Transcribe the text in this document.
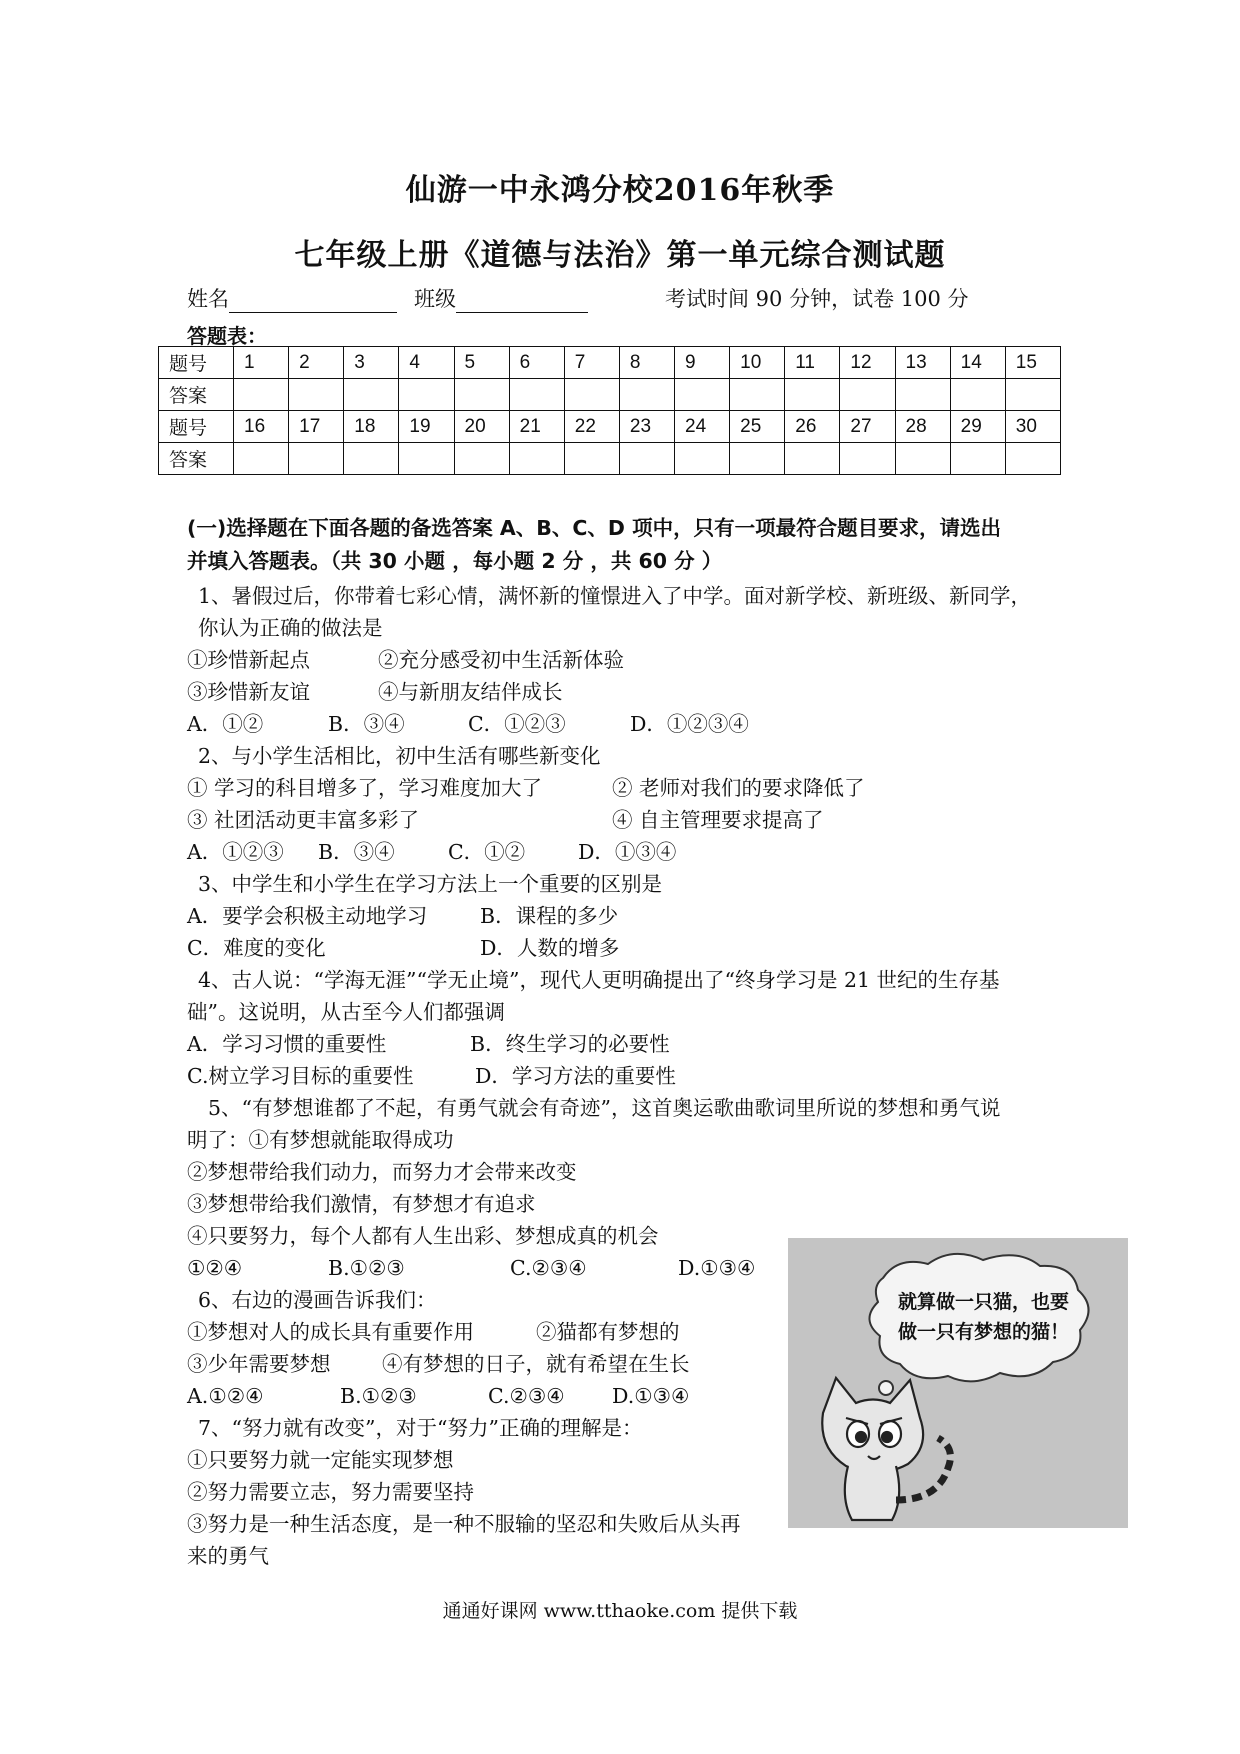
仙游一中永鸿分校2016年秋季
七年级上册《道德与法治》第一单元综合测试题
姓名	班级	考试时间 90 分钟，试卷 100 分
答题表：
题号	1	2	3	4	5	6	7	8	9	10	11	12	13	14	15
答案															
题号	16	17	18	19	20	21	22	23	24	25	26	27	28	29	30
答案															
(一)选择题在下面各题的备选答案 A、B、C、D 项中，只有一项最符合题目要求，请选出
并填入答题表。（共 30 小题 ，每小题 2 分 ，共 60 分 ）
1、暑假过后，你带着七彩心情，满怀新的憧憬进入了中学。面对新学校、新班级、新同学，
你认为正确的做法是
①珍惜新起点	②充分感受初中生活新体验
③珍惜新友谊	④与新朋友结伴成长
A．①②	B．③④	C．①②③	D．①②③④
2、与小学生活相比，初中生活有哪些新变化
① 学习的科目增多了，学习难度加大了	② 老师对我们的要求降低了
③ 社团活动更丰富多彩了	④ 自主管理要求提高了
A．①②③ B．③④	C．①②	D．①③④
3、中学生和小学生在学习方法上一个重要的区别是
A．要学会积极主动地学习	B．课程的多少
C．难度的变化	D．人数的增多
4、古人说：“学海无涯”“学无止境”，现代人更明确提出了“终身学习是 21 世纪的生存基
础”。这说明，从古至今人们都强调
A．学习习惯的重要性	B．终生学习的必要性
C.树立学习目标的重要性	D．学习方法的重要性
5、“有梦想谁都了不起，有勇气就会有奇迹”，这首奥运歌曲歌词里所说的梦想和勇气说
明了：①有梦想就能取得成功
②梦想带给我们动力，而努力才会带来改变
③梦想带给我们激情，有梦想才有追求
④只要努力，每个人都有人生出彩、梦想成真的机会
①②④	B.①②③	C.②③④	D.①③④
6、右边的漫画告诉我们：
①梦想对人的成长具有重要作用	②猫都有梦想的
③少年需要梦想	④有梦想的日子，就有希望在生长
A.①②④	B.①②③	C.②③④ D.①③④
7、“努力就有改变”，对于“努力”正确的理解是：
①只要努力就一定能实现梦想
②努力需要立志，努力需要坚持
③努力是一种生活态度，是一种不服输的坚忍和失败后从头再
来的勇气
就算做一只猫，也要
做一只有梦想的猫！
通通好课网 www.tthaoke.com 提供下载
